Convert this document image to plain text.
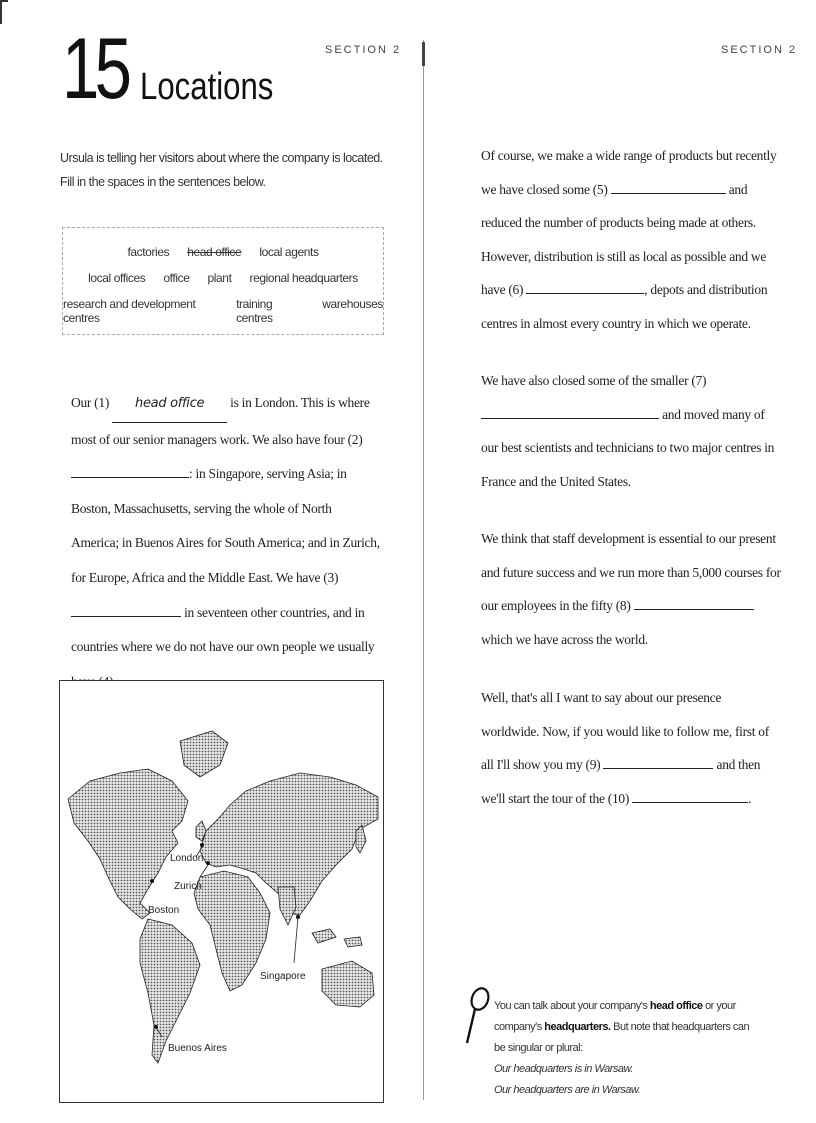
SECTION 2	SECTION 2
15 Locations
Ursula is telling her visitors about where the company is located. Fill in the spaces in the sentences below.
factories head office local agents
local offices office plant regional headquarters
research and development centres
training centres
warehouses
Our (1) head office is in London. This is where most of our senior managers work. We also have four (2) : in Singapore, serving Asia; in Boston, Massachusetts, serving the whole of North America; in Buenos Aires for South America; and in Zurich, for Europe, Africa and the Middle East. We have (3)  in seventeen other countries, and in countries where we do not have our own people we usually
Of course, we make a wide range of products but recently we have closed some (5)	and reduced the number of products being made at others. However, distribution is still as local as possible and we have (6)	, depots and distribution centres in almost every country in which we operate.
We have also closed some of the smaller (7)  and moved many of our best scientists and technicians to two major centres in France and the United States.
We think that staff development is essential to our present and future success and we run more than 5,000 courses for our employees in the fifty (8)  which we have across the world.
Well, that's all I want to say about our presence worldwide. Now, if you would like to follow me, first of all I'll show you my (9)	and then we'll start the tour of the (10)	.
London
Zurich
Boston
Singapore
Buenos Aires
You can talk about your company's head office or your company's headquarters. But note that headquarters can be singular or plural:
Our headquarters is in Warsaw.
Our headquarters are in Warsaw.
